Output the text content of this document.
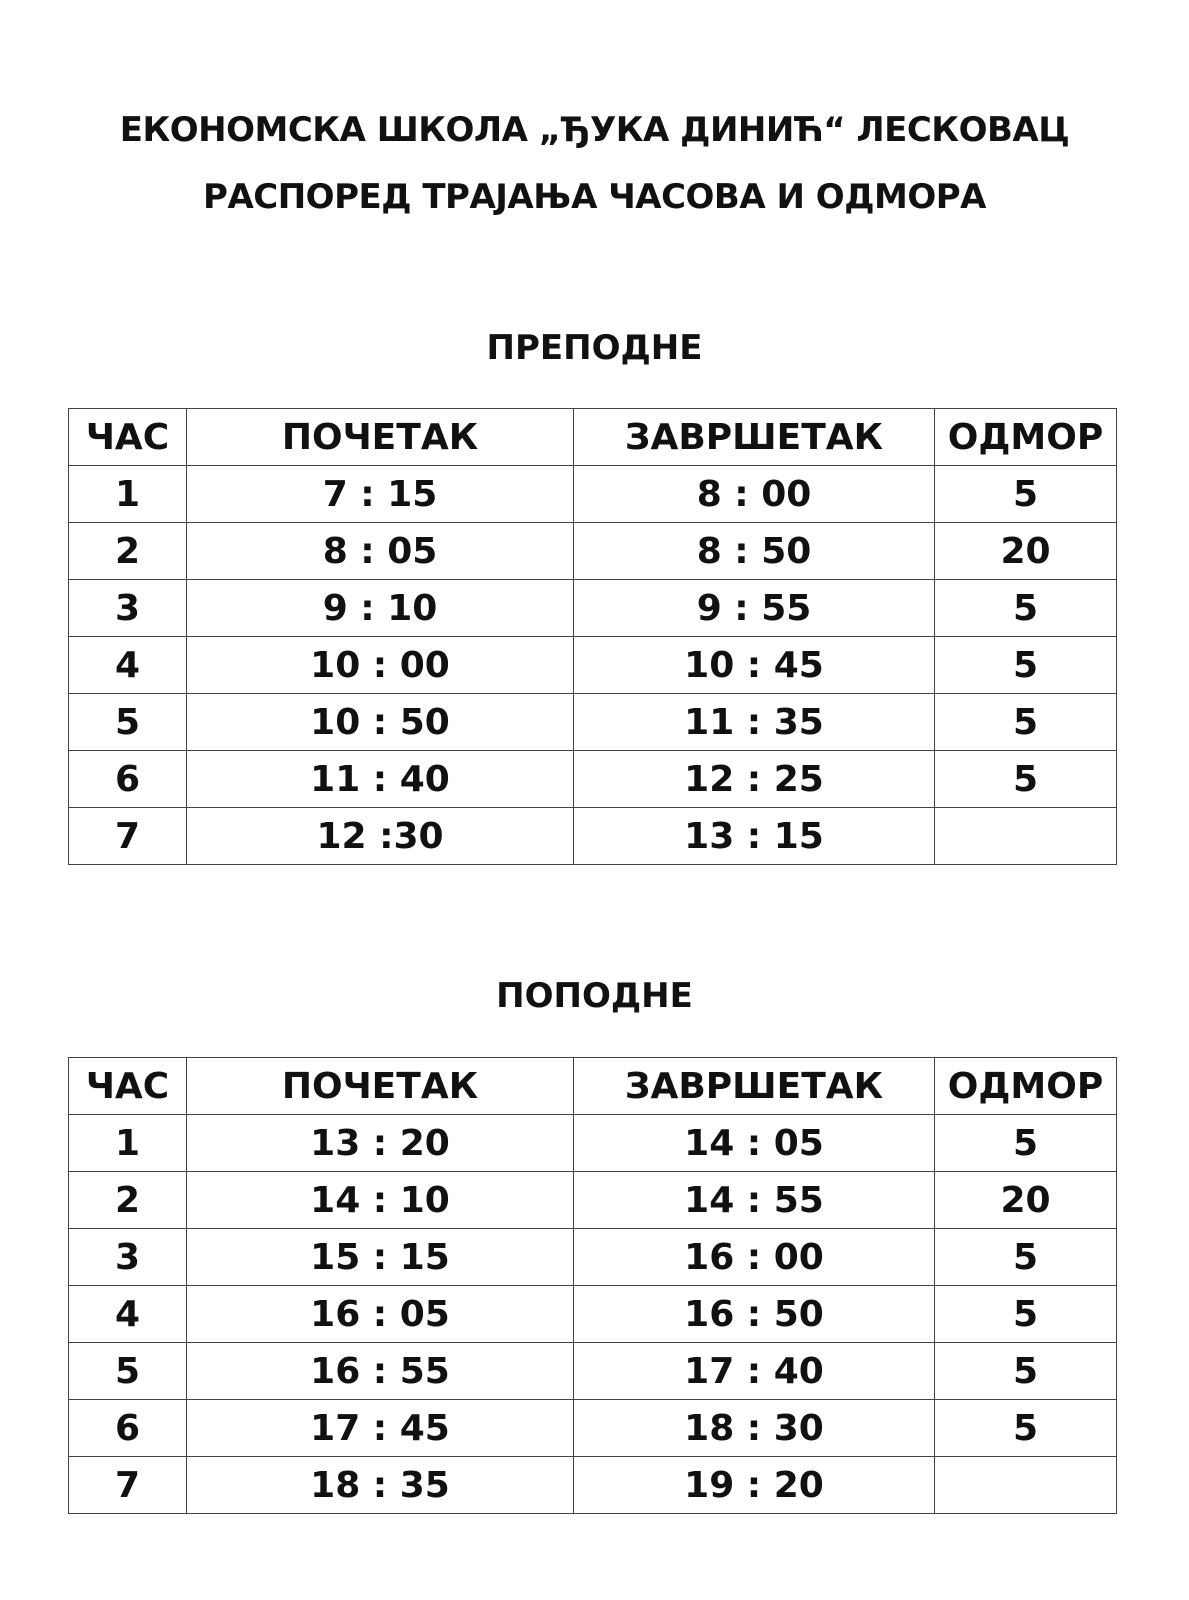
ЕКОНОМСКА ШКОЛА „ЂУКА ДИНИЋ“ ЛЕСКОВАЦ
РАСПОРЕД ТРАЈАЊА ЧАСОВА И ОДМОРА
ПРЕПОДНЕ
ЧАС	ПОЧЕТАК	ЗАВРШЕТАК	ОДМОР
1	7 : 15	8 : 00	5
2	8 : 05	8 : 50	20
3	9 : 10	9 : 55	5
4	10 : 00	10 : 45	5
5	10 : 50	11 : 35	5
6	11 : 40	12 : 25	5
7	12 :30	13 : 15	
ПОПОДНЕ
ЧАС	ПОЧЕТАК	ЗАВРШЕТАК	ОДМОР
1	13 : 20	14 : 05	5
2	14 : 10	14 : 55	20
3	15 : 15	16 : 00	5
4	16 : 05	16 : 50	5
5	16 : 55	17 : 40	5
6	17 : 45	18 : 30	5
7	18 : 35	19 : 20	
